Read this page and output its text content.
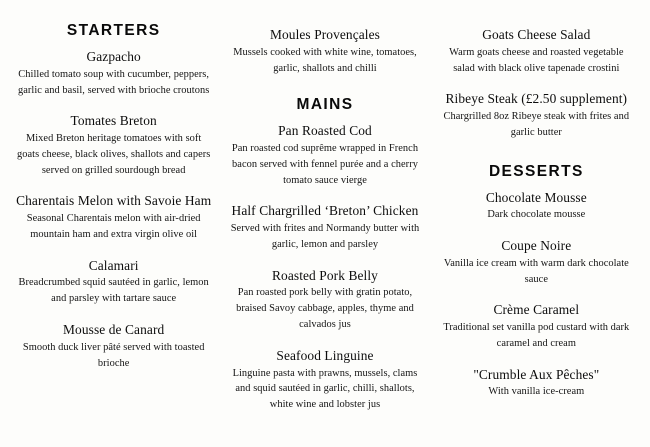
STARTERS
Gazpacho
Chilled tomato soup with cucumber, peppers, garlic and basil, served with brioche croutons
Tomates Breton
Mixed Breton heritage tomatoes with soft goats cheese, black olives, shallots and capers served on grilled sourdough bread
Charentais Melon with Savoie Ham
Seasonal Charentais melon with air-dried mountain ham and extra virgin olive oil
Calamari
Breadcrumbed squid sautéed in garlic, lemon and parsley with tartare sauce
Mousse de Canard
Smooth duck liver pâté served with toasted brioche
Moules Provençales
Mussels cooked with white wine, tomatoes, garlic, shallots and chilli
MAINS
Pan Roasted Cod
Pan roasted cod suprême wrapped in French bacon served with fennel purée and a cherry tomato sauce vierge
Half Chargrilled ‘Breton’ Chicken
Served with frites and Normandy butter with garlic, lemon and parsley
Roasted Pork Belly
Pan roasted pork belly with gratin potato, braised Savoy cabbage, apples, thyme and calvados jus
Seafood Linguine
Linguine pasta with prawns, mussels, clams and squid sautéed in garlic, chilli, shallots, white wine and lobster jus
Goats Cheese Salad
Warm goats cheese and roasted vegetable salad with black olive tapenade crostini
Ribeye Steak (£2.50 supplement)
Chargrilled 8oz Ribeye steak with frites and garlic butter
DESSERTS
Chocolate Mousse
Dark chocolate mousse
Coupe Noire
Vanilla ice cream with warm dark chocolate sauce
Crème Caramel
Traditional set vanilla pod custard with dark caramel and cream
"Crumble Aux Pêches"
With vanilla ice-cream
